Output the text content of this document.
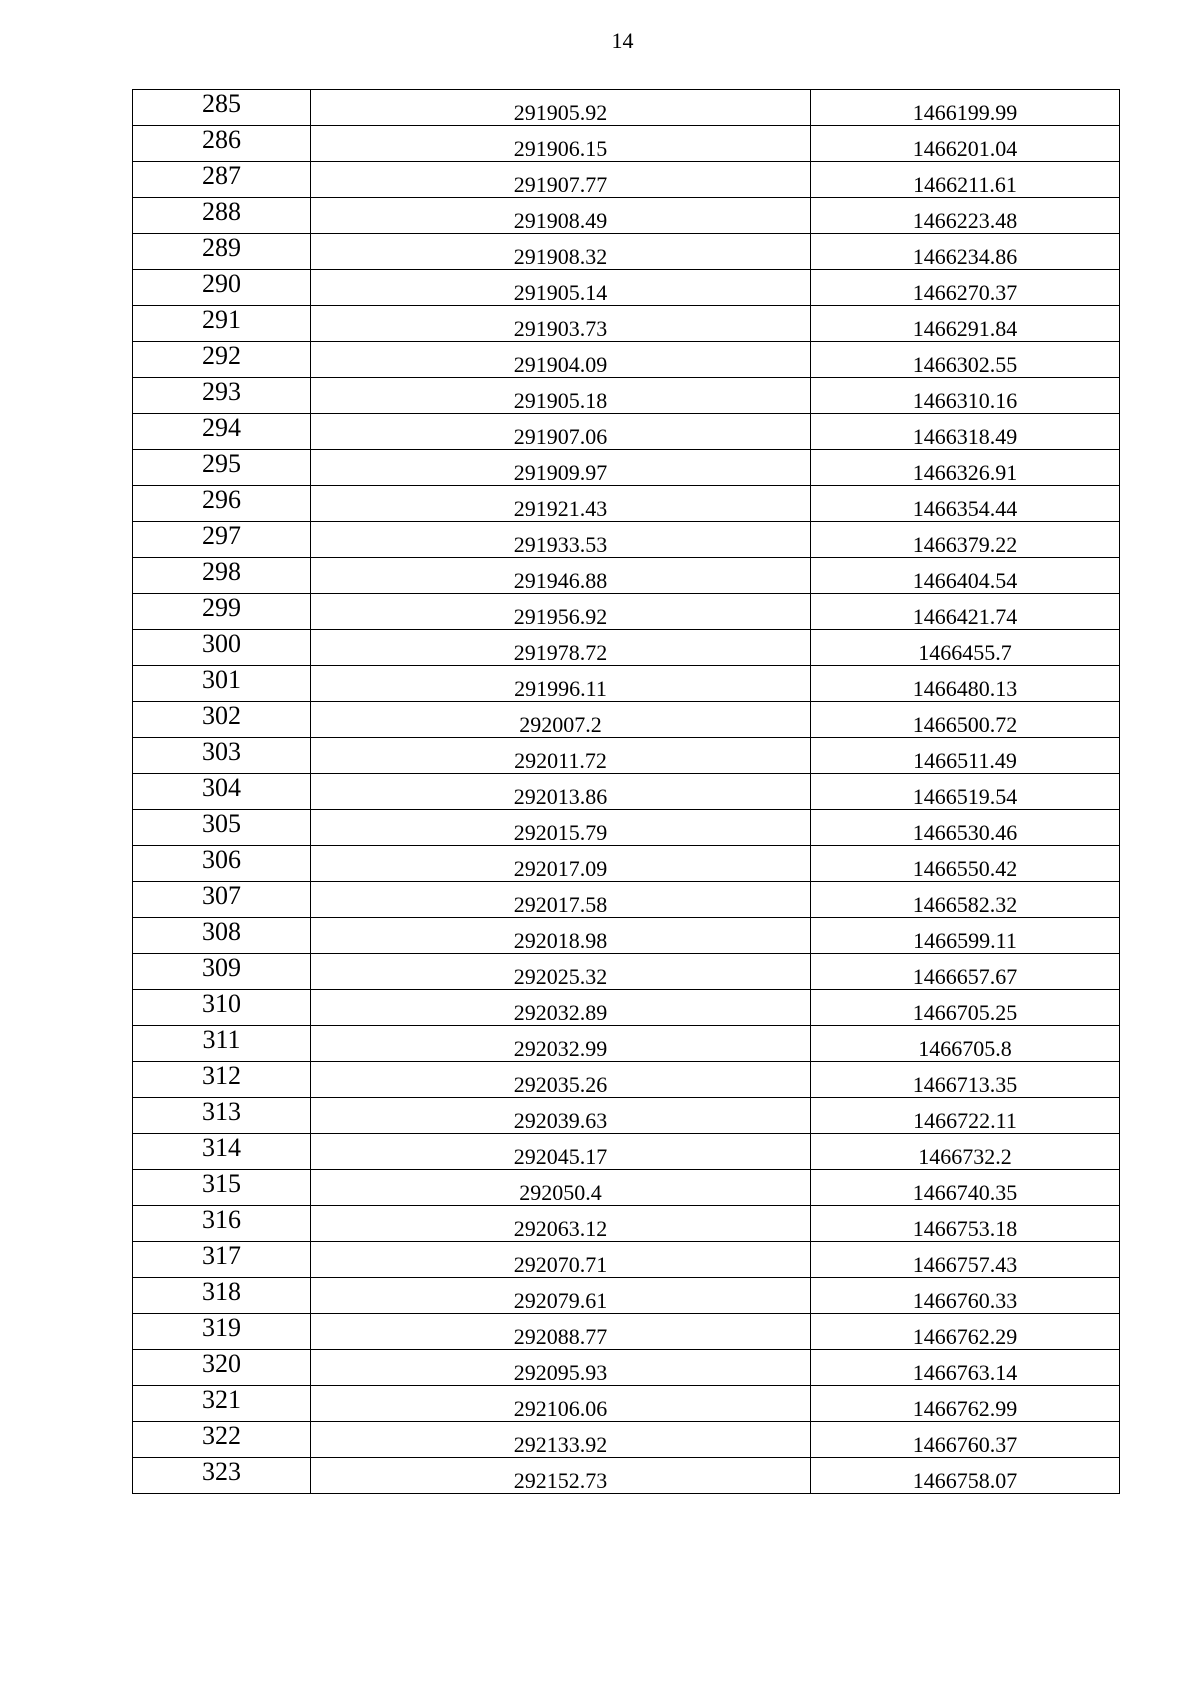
14
285	291905.92	1466199.99
286	291906.15	1466201.04
287	291907.77	1466211.61
288	291908.49	1466223.48
289	291908.32	1466234.86
290	291905.14	1466270.37
291	291903.73	1466291.84
292	291904.09	1466302.55
293	291905.18	1466310.16
294	291907.06	1466318.49
295	291909.97	1466326.91
296	291921.43	1466354.44
297	291933.53	1466379.22
298	291946.88	1466404.54
299	291956.92	1466421.74
300	291978.72	1466455.7
301	291996.11	1466480.13
302	292007.2	1466500.72
303	292011.72	1466511.49
304	292013.86	1466519.54
305	292015.79	1466530.46
306	292017.09	1466550.42
307	292017.58	1466582.32
308	292018.98	1466599.11
309	292025.32	1466657.67
310	292032.89	1466705.25
311	292032.99	1466705.8
312	292035.26	1466713.35
313	292039.63	1466722.11
314	292045.17	1466732.2
315	292050.4	1466740.35
316	292063.12	1466753.18
317	292070.71	1466757.43
318	292079.61	1466760.33
319	292088.77	1466762.29
320	292095.93	1466763.14
321	292106.06	1466762.99
322	292133.92	1466760.37
323	292152.73	1466758.07
